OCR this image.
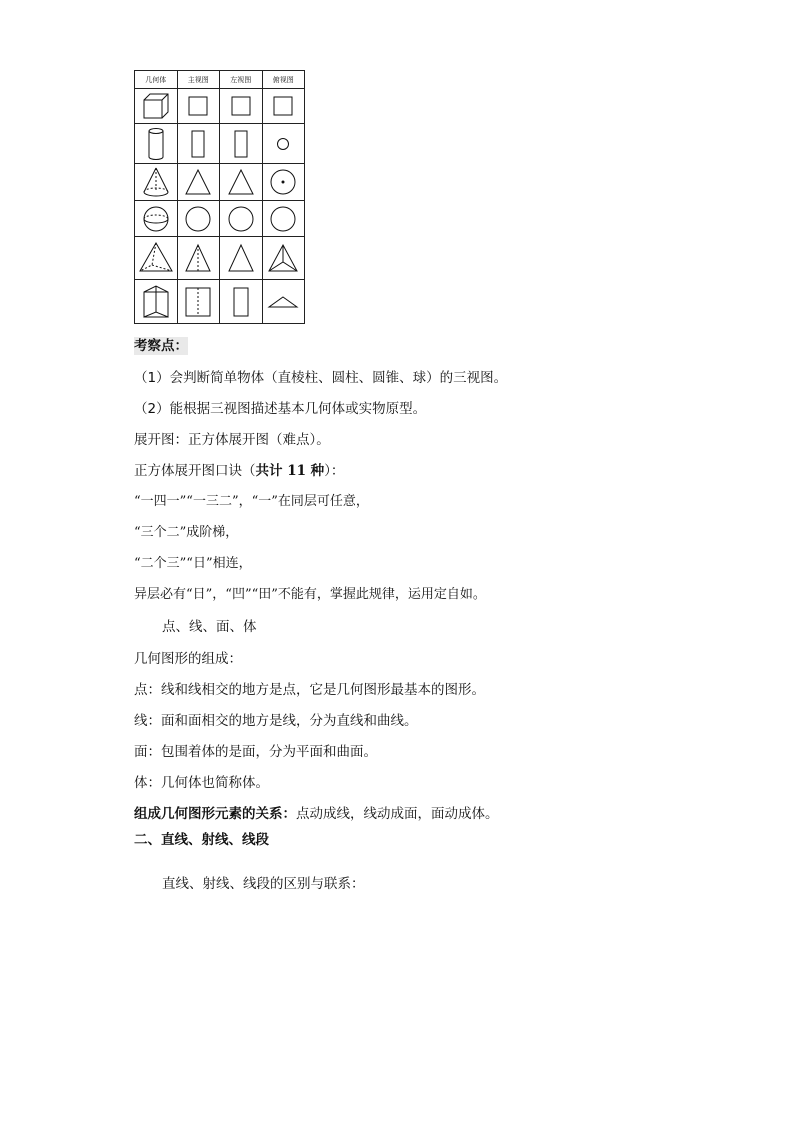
几何体	主视图	左视图	俯视图

考察点：
（1）会判断简单物体（直棱柱、圆柱、圆锥、球）的三视图。
（2）能根据三视图描述基本几何体或实物原型。
展开图：正方体展开图（难点）。
正方体展开图口诀（共计 11 种）：
“一四一”“一三二”，“一”在同层可任意，
“三个二”成阶梯，
“二个三”“日”相连，
异层必有“日”，“凹”“田”不能有，掌握此规律，运用定自如。
点、线、面、体
几何图形的组成：
点：线和线相交的地方是点，它是几何图形最基本的图形。
线：面和面相交的地方是线，分为直线和曲线。
面：包围着体的是面，分为平面和曲面。
体：几何体也简称体。
组成几何图形元素的关系：点动成线，线动成面，面动成体。
二、直线、射线、线段
直线、射线、线段的区别与联系：
